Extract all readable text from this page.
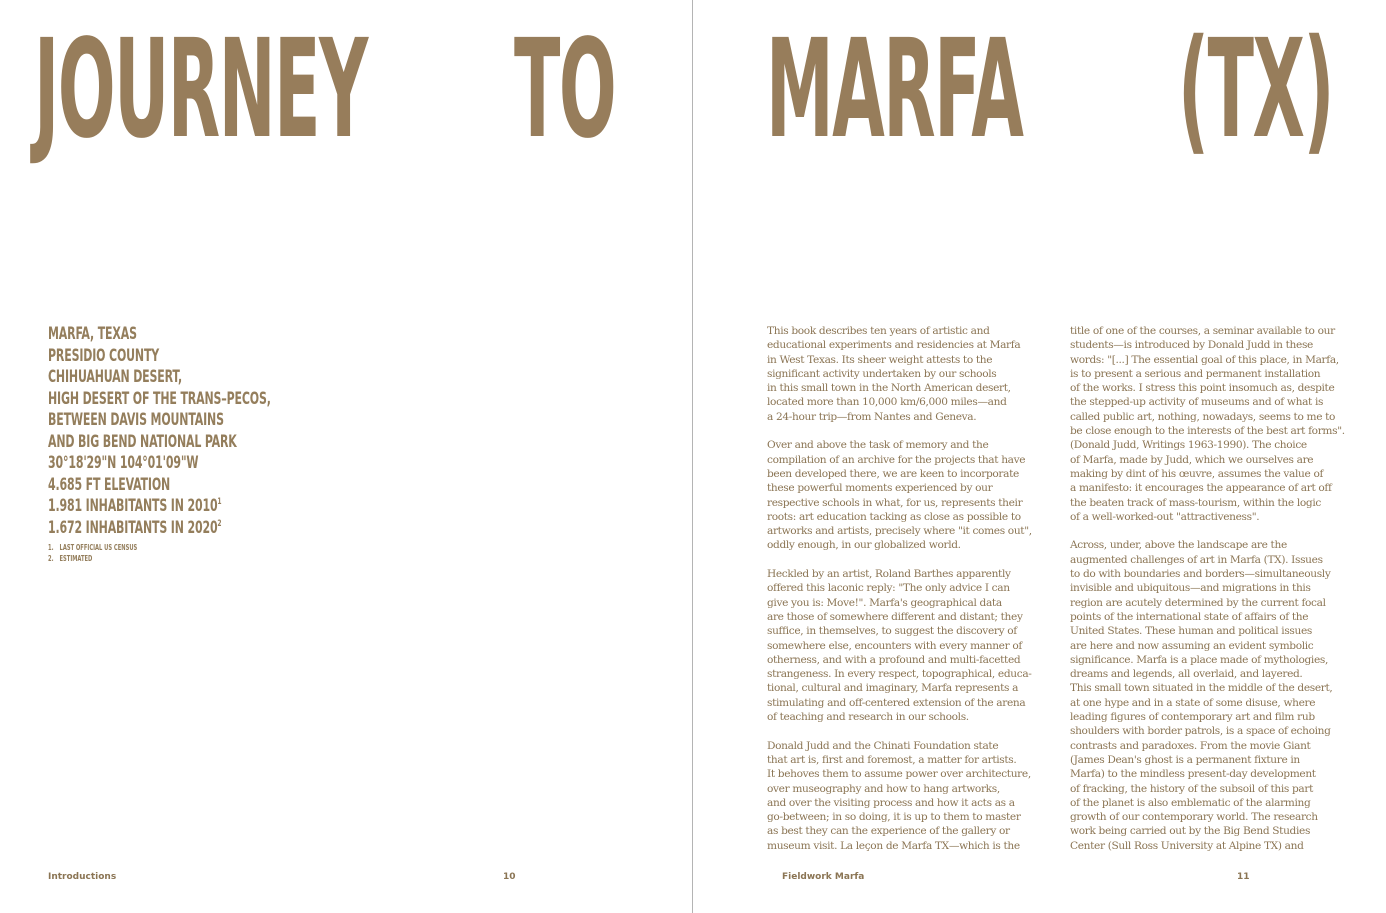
JOURNEY TO MARFA (TX)
MARFA, TEXAS
PRESIDIO COUNTY
CHIHUAHUAN DESERT,
HIGH DESERT OF THE TRANS–PECOS,
BETWEEN DAVIS MOUNTAINS
AND BIG BEND NATIONAL PARK
30°18'29"N 104°01'09"W
4.685 FT ELEVATION
1.981 INHABITANTS IN 2010$^1$
1.672 INHABITANTS IN 2020$^2$
1. LAST OFFICIAL US CENSUS
2. ESTIMATED
This book describes ten years of artistic and
educational experiments and residencies at Marfa
in West Texas. Its sheer weight attests to the
significant activity undertaken by our schools
in this small town in the North American desert,
located more than 10,000 km/6,000 miles—and
a 24-hour trip—from Nantes and Geneva.
Over and above the task of memory and the
compilation of an archive for the projects that have
been developed there, we are keen to incorporate
these powerful moments experienced by our
respective schools in what, for us, represents their
roots: art education tacking as close as possible to
artworks and artists, precisely where "it comes out",
oddly enough, in our globalized world.
Heckled by an artist, Roland Barthes apparently
offered this laconic reply: "The only advice I can
give you is: Move!". Marfa's geographical data
are those of somewhere different and distant; they
suffice, in themselves, to suggest the discovery of
somewhere else, encounters with every manner of
otherness, and with a profound and multi-facetted
strangeness. In every respect, topographical, educa-
tional, cultural and imaginary, Marfa represents a
stimulating and off-centered extension of the arena
of teaching and research in our schools.
Donald Judd and the Chinati Foundation state
that art is, first and foremost, a matter for artists.
It behoves them to assume power over architecture,
over museography and how to hang artworks,
and over the visiting process and how it acts as a
go-between; in so doing, it is up to them to master
as best they can the experience of the gallery or
museum visit. La leçon de Marfa TX—which is the
title of one of the courses, a seminar available to our
students—is introduced by Donald Judd in these
words: "[...] The essential goal of this place, in Marfa,
is to present a serious and permanent installation
of the works. I stress this point insomuch as, despite
the stepped-up activity of museums and of what is
called public art, nothing, nowadays, seems to me to
be close enough to the interests of the best art forms".
(Donald Judd, Writings 1963-1990). The choice
of Marfa, made by Judd, which we ourselves are
making by dint of his œuvre, assumes the value of
a manifesto: it encourages the appearance of art off
the beaten track of mass-tourism, within the logic
of a well-worked-out "attractiveness".
Across, under, above the landscape are the
augmented challenges of art in Marfa (TX). Issues
to do with boundaries and borders—simultaneously
invisible and ubiquitous—and migrations in this
region are acutely determined by the current focal
points of the international state of affairs of the
United States. These human and political issues
are here and now assuming an evident symbolic
significance. Marfa is a place made of mythologies,
dreams and legends, all overlaid, and layered.
This small town situated in the middle of the desert,
at one hype and in a state of some disuse, where
leading figures of contemporary art and film rub
shoulders with border patrols, is a space of echoing
contrasts and paradoxes. From the movie Giant
(James Dean's ghost is a permanent fixture in
Marfa) to the mindless present-day development
of fracking, the history of the subsoil of this part
of the planet is also emblematic of the alarming
growth of our contemporary world. The research
work being carried out by the Big Bend Studies
Center (Sull Ross University at Alpine TX) and
Introductions	10	Fieldwork Marfa	11
